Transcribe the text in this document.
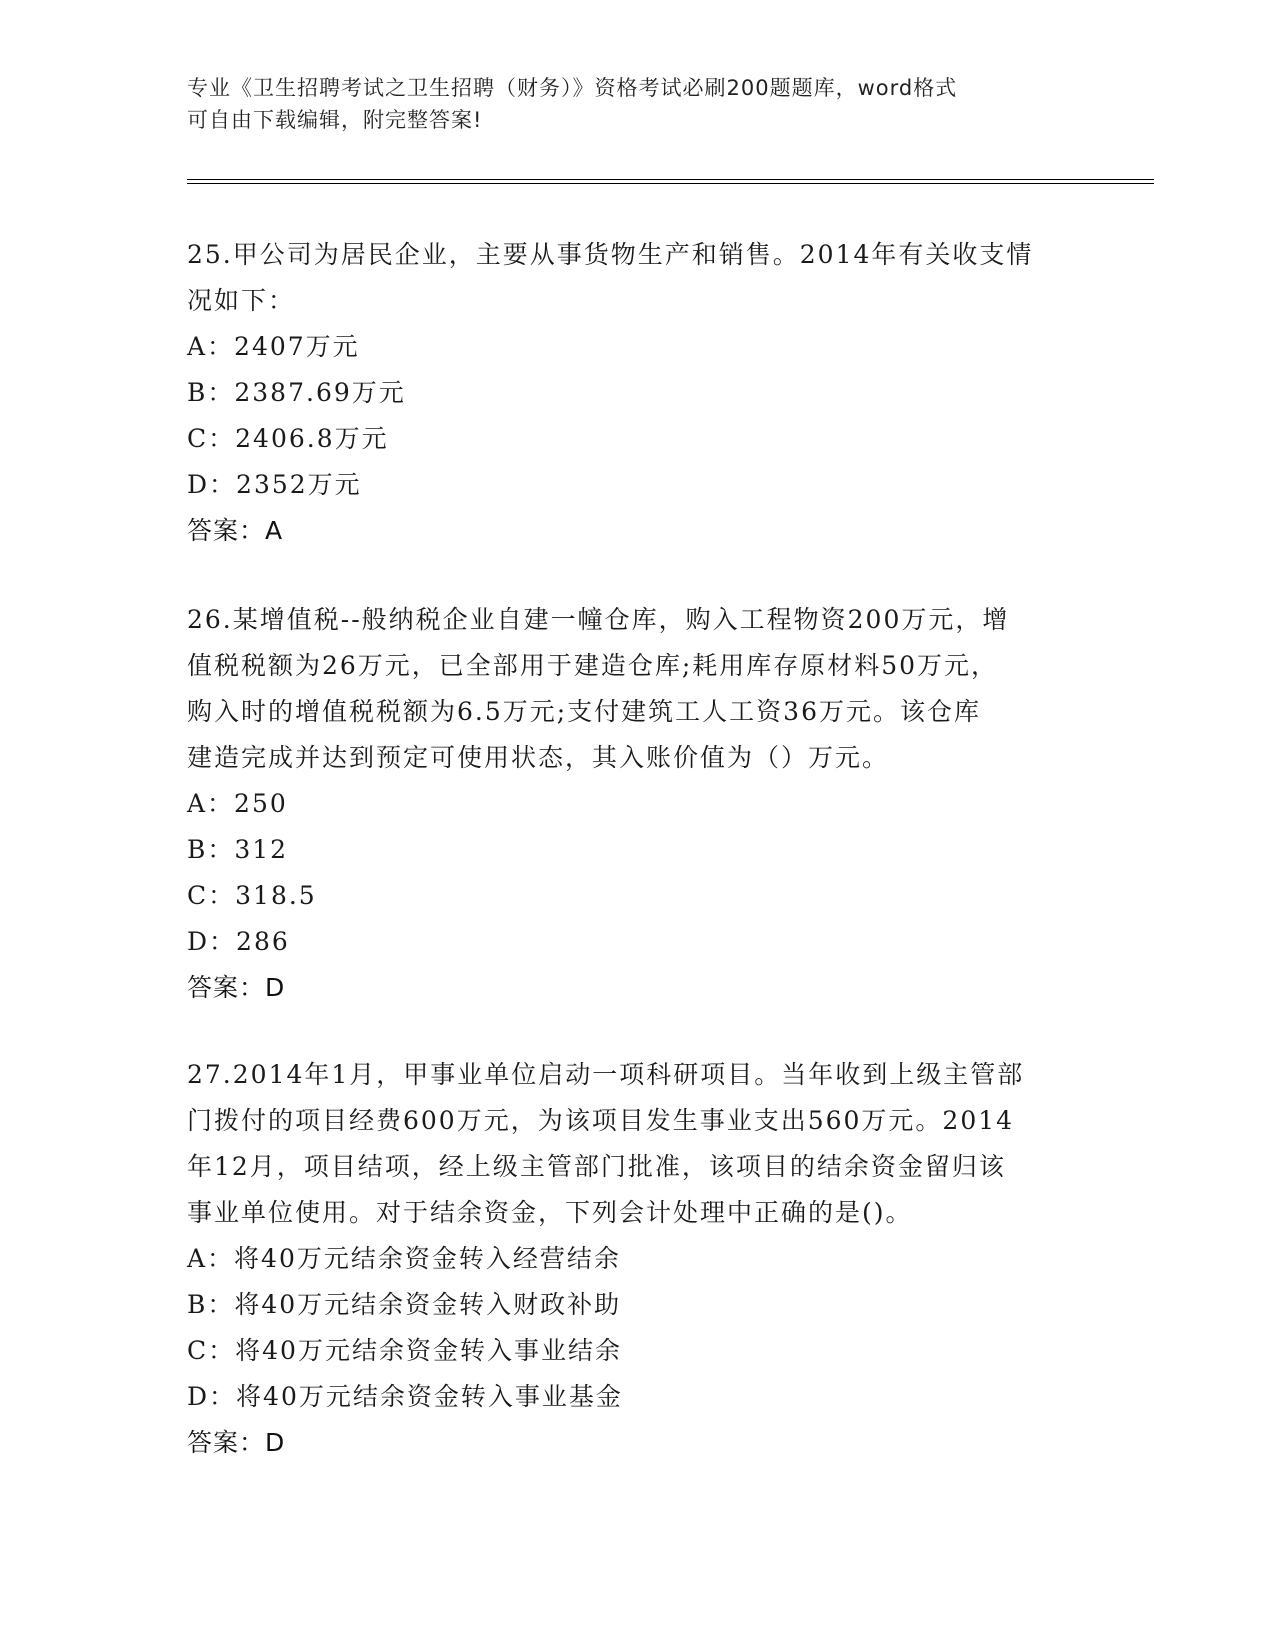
专业《卫生招聘考试之卫生招聘（财务）》资格考试必刷200题题库，word格式
可自由下载编辑，附完整答案!
25.甲公司为居民企业，主要从事货物生产和销售。2014年有关收支情
况如下：
A：2407万元
B：2387.69万元
C：2406.8万元
D：2352万元
答案：A
26.某增值税--般纳税企业自建一幢仓库，购入工程物资200万元，增
值税税额为26万元，已全部用于建造仓库;耗用库存原材料50万元，
购入时的增值税税额为6.5万元;支付建筑工人工资36万元。该仓库
建造完成并达到预定可使用状态，其入账价值为（）万元。
A：250
B：312
C：318.5
D：286
答案：D
27.2014年1月，甲事业单位启动一项科研项目。当年收到上级主管部
门拨付的项目经费600万元，为该项目发生事业支出560万元。2014
年12月，项目结项，经上级主管部门批准，该项目的结余资金留归该
事业单位使用。对于结余资金，下列会计处理中正确的是()。
A：将40万元结余资金转入经营结余
B：将40万元结余资金转入财政补助
C：将40万元结余资金转入事业结余
D：将40万元结余资金转入事业基金
答案：D
